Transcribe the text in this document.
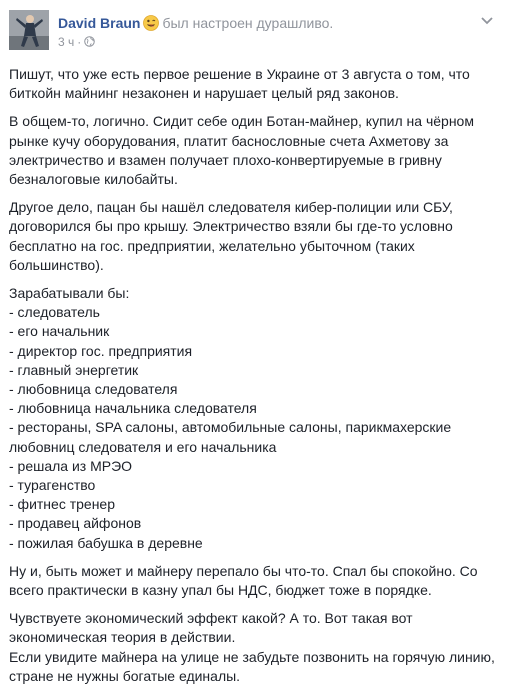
David Braun был настроен дурашливо.
3 ч ·

Пишут, что уже есть первое решение в Украине от 3 августа о том, что биткойн майнинг незаконен и нарушает целый ряд законов.

В общем-то, логично. Сидит себе один Ботан-майнер, купил на чёрном рынке кучу оборудования, платит баснословные счета Ахметову за электричество и взамен получает плохо-конвертируемые в гривну безналоговые килобайты.

Другое дело, пацан бы нашёл следователя кибер-полиции или СБУ, договорился бы про крышу. Электричество взяли бы где-то условно бесплатно на гос. предприятии, желательно убыточном (таких большинство).

Зарабатывали бы:
- следователь
- его начальник
- директор гос. предприятия
- главный энергетик
- любовница следователя
- любовница начальника следователя
- рестораны, SPA салоны, автомобильные салоны, парикмахерские любовниц следователя и его начальника
- решала из МРЭО
- турагенство
- фитнес тренер
- продавец айфонов
- пожилая бабушка в деревне

Ну и, быть может и майнеру перепало бы что-то. Спал бы спокойно. Со всего практически в казну упал бы НДС, бюджет тоже в порядке.

Чувствуете экономический эффект какой? А то. Вот такая вот экономическая теория в действии.
Если увидите майнера на улице не забудьте позвонить на горячую линию, стране не нужны богатые единалы.
